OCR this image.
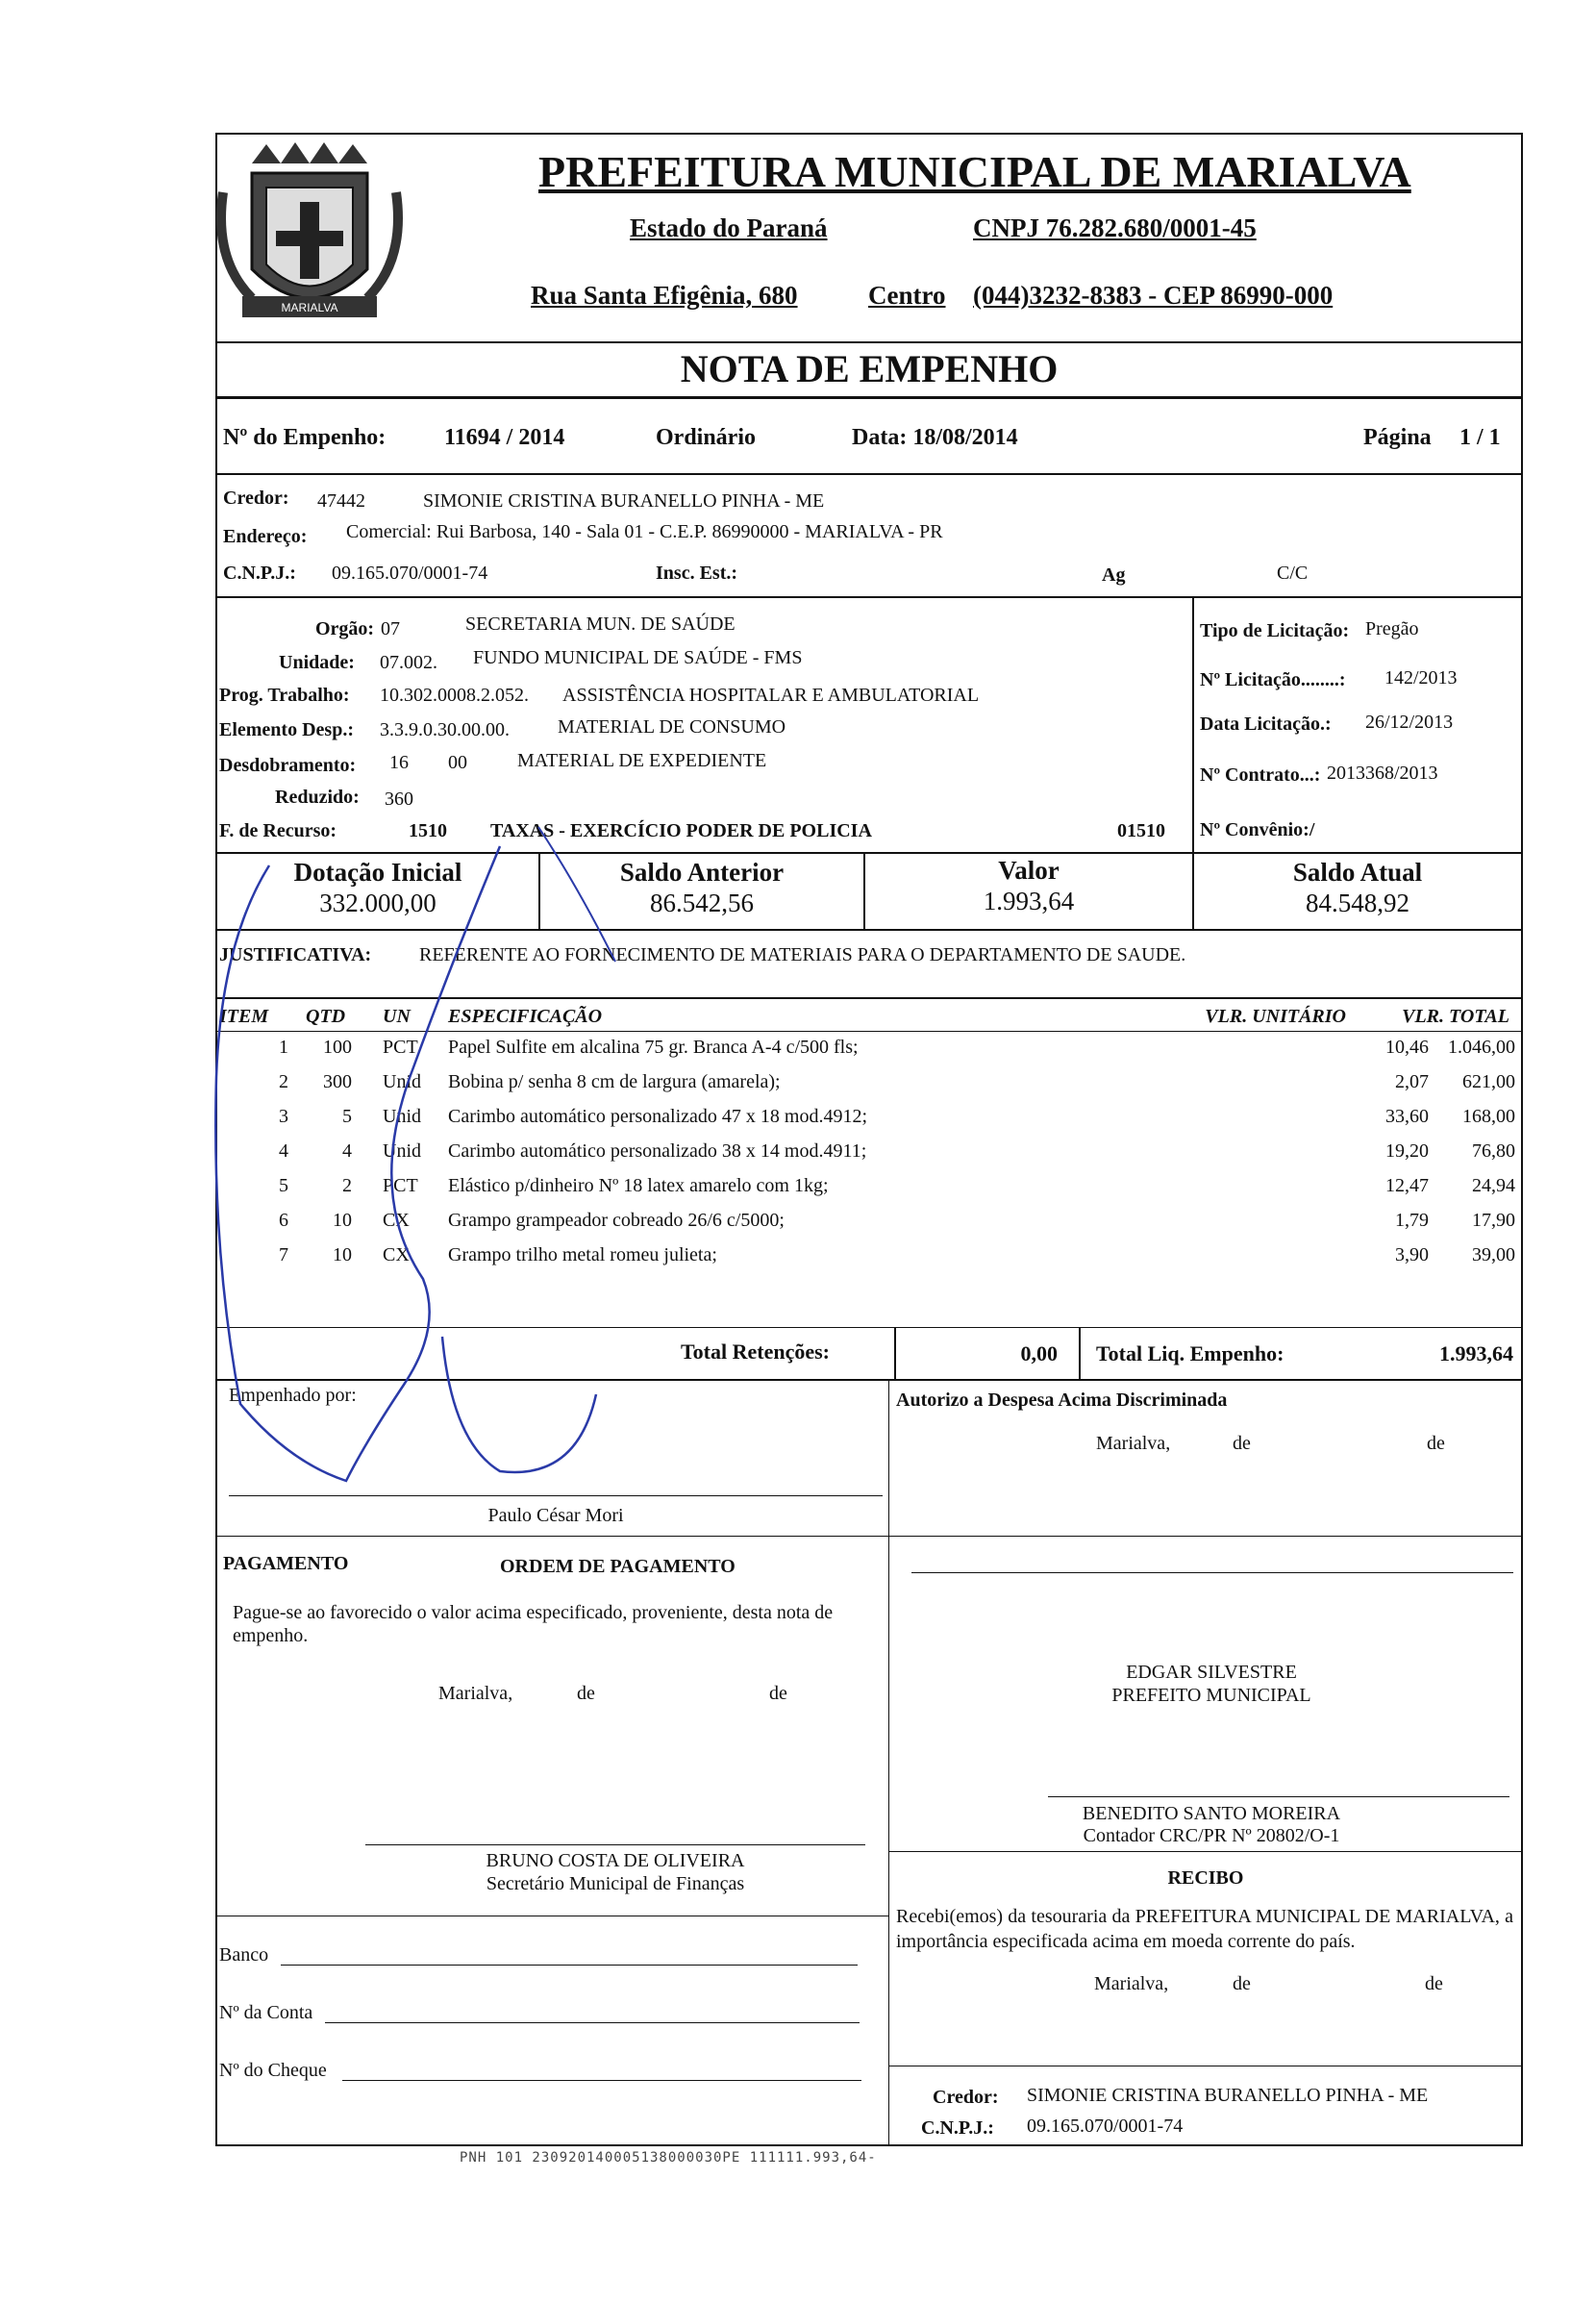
MARIALVA
PREFEITURA MUNICIPAL DE MARIALVA
Estado do Paraná	CNPJ 76.282.680/0001-45
Rua Santa Efigênia, 680	Centro (044)3232-8383 - CEP 86990-000
NOTA DE EMPENHO
Nº do Empenho:	11694 / 2014	Ordinário	Data: 18/08/2014	Página 1 / 1
Credor: 47442	SIMONIE CRISTINA BURANELLO PINHA - ME
Endereço: Comercial: Rui Barbosa, 140 - Sala 01 - C.E.P. 86990000 - MARIALVA - PR
C.N.P.J.: 09.165.070/0001-74	Insc. Est.:	Ag	C/C
Orgão: 07	SECRETARIA MUN. DE SAÚDE
Unidade: 07.002. FUNDO MUNICIPAL DE SAÚDE - FMS
Prog. Trabalho: 10.302.0008.2.052. ASSISTÊNCIA HOSPITALAR E AMBULATORIAL
Elemento Desp.: 3.3.9.0.30.00.00.	MATERIAL DE CONSUMO
Desdobramento: 16 00	MATERIAL DE EXPEDIENTE
Reduzido: 360
F. de Recurso:	1510 TAXAS - EXERCÍCIO PODER DE POLICIA	01510
Tipo de Licitação: Pregão
Nº Licitação........: 142/2013
Data Licitação.: 26/12/2013
Nº Contrato...: 2013368/2013
Nº Convênio:/
Dotação Inicial
332.000,00
Saldo Anterior
86.542,56
Valor
1.993,64
Saldo Atual
84.548,92
JUSTIFICATIVA: REFERENTE AO FORNECIMENTO DE MATERIAIS PARA O DEPARTAMENTO DE SAUDE.
ITEM QTD UN ESPECIFICAÇÃO	VLR. UNITÁRIO	VLR. TOTAL
1	100 PCT Papel Sulfite em alcalina 75 gr. Branca A-4 c/500 fls;	10,46	1.046,00
2	300 Unid Bobina p/ senha 8 cm de largura (amarela);	2,07	621,00
3	5 Unid Carimbo automático personalizado 47 x 18 mod.4912;	33,60	168,00
4	4 Unid Carimbo automático personalizado 38 x 14 mod.4911;	19,20	76,80
5	2 PCT Elástico p/dinheiro Nº 18 latex amarelo com 1kg;	12,47	24,94
6	10 CX Grampo grampeador cobreado 26/6 c/5000;	1,79	17,90
7	10 CX Grampo trilho metal romeu julieta;	3,90	39,00
Total Retenções:	0,00 Total Liq. Empenho:	1.993,64
Empenhado por:
Paulo César Mori
Autorizo a Despesa Acima Discriminada
Marialva,	de	de
PAGAMENTO	ORDEM DE PAGAMENTO
Pague-se ao favorecido o valor acima especificado, proveniente, desta nota de empenho.
Marialva,	de	de
EDGAR SILVESTRE
PREFEITO MUNICIPAL
BENEDITO SANTO MOREIRA
Contador CRC/PR Nº 20802/O-1
BRUNO COSTA DE OLIVEIRA
Secretário Municipal de Finanças	RECIBO
Recebi(emos) da tesouraria da PREFEITURA MUNICIPAL DE MARIALVA, a importância especificada acima em moeda corrente do país.
Marialva,	de	de
Banco
Nº da Conta
Nº do Cheque
Credor: SIMONIE CRISTINA BURANELLO PINHA - ME
C.N.P.J.: 09.165.070/0001-74
PNH 101 230920140005138000030PE 111111.993,64-
